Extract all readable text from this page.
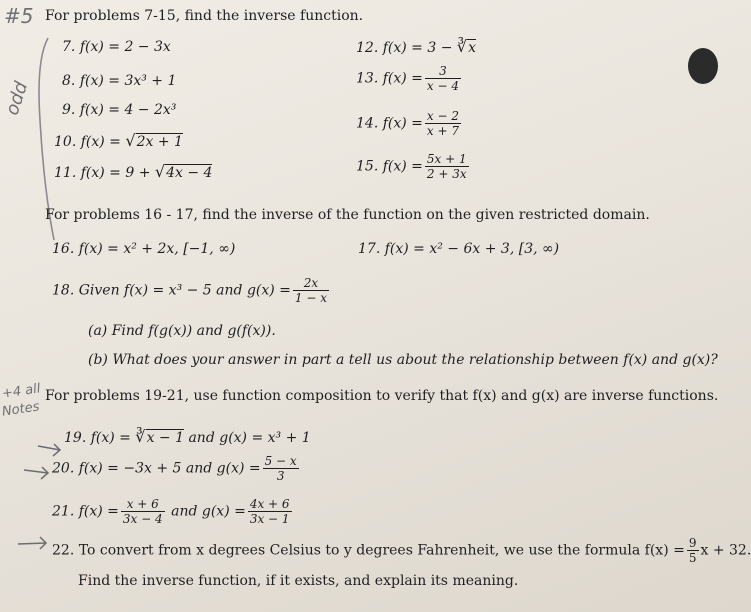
#5
odd
+4 all
Notes
For problems 7-15, find the inverse function.
7. f(x) = 2 − 3x
8. f(x) = 3x³ + 1
9. f(x) = 4 − 2x³
10. f(x) = √2x + 1
11. f(x) = 9 + √4x − 4
12. f(x) = 3 − ∛x
13. $f(x) = \frac{3}{x - 4}$
14. $f(x) = \frac{x - 2}{x + 7}$
15. $f(x) = \frac{5x + 1}{2 + 3x}$
For problems 16 - 17, find the inverse of the function on the given restricted domain.
16. f(x) = x² + 2x, [−1, ∞)	17. f(x) = x² − 6x + 3, [3, ∞)
18. Given f(x) = x³ − 5 and $g(x) = \frac{2x}{1 - x}$
(a) Find f(g(x)) and g(f(x)).
(b) What does your answer in part a tell us about the relationship between f(x) and g(x)?
For problems 19-21, use function composition to verify that f(x) and g(x) are inverse functions.
19. f(x) = ∛x − 1 and g(x) = x³ + 1
20. f(x) = −3x + 5 and $g(x) = \frac{5 - x}{3}$
21. $f(x) = \frac{x + 6}{3x - 4}$ and $g(x) = \frac{4x + 6}{3x - 1}$
22. To convert from x degrees Celsius to y degrees Fahrenheit, we use the formula $f(x) = \frac{9}{5}$ x + 32.
Find the inverse function, if it exists, and explain its meaning.
